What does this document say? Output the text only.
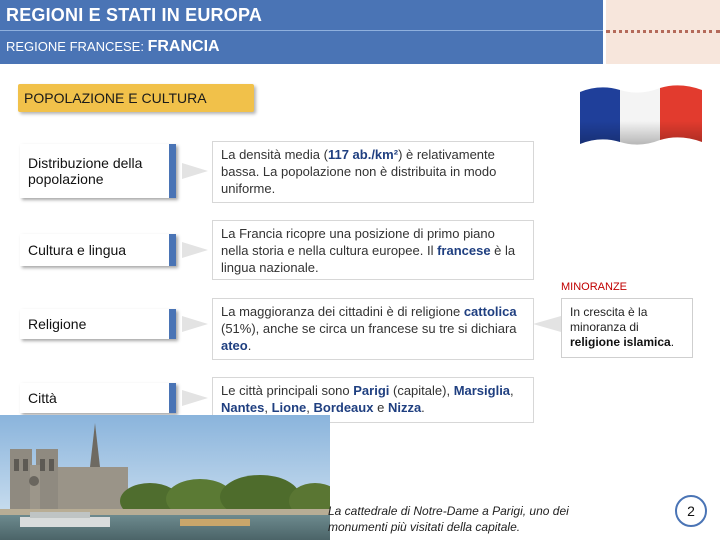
REGIONI E STATI IN EUROPA
REGIONE FRANCESE: FRANCIA
POPOLAZIONE E CULTURA
Distribuzione della popolazione
La densità media (117 ab./km²) è relativamente bassa. La popolazione non è distribuita in modo uniforme.
Cultura e lingua
La Francia ricopre una posizione di primo piano nella storia e nella cultura europee. Il francese è la lingua nazionale.
Religione
La maggioranza dei cittadini è di religione cattolica (51%), anche se circa un francese su tre si dichiara ateo.
Città	Le città principali sono Parigi (capitale), Marsiglia, Nantes, Lione, Bordeaux e Nizza.
MINORANZE
In crescita è la minoranza di religione islamica.
La cattedrale di Notre-Dame a Parigi, uno dei monumenti più visitati della capitale.
2
